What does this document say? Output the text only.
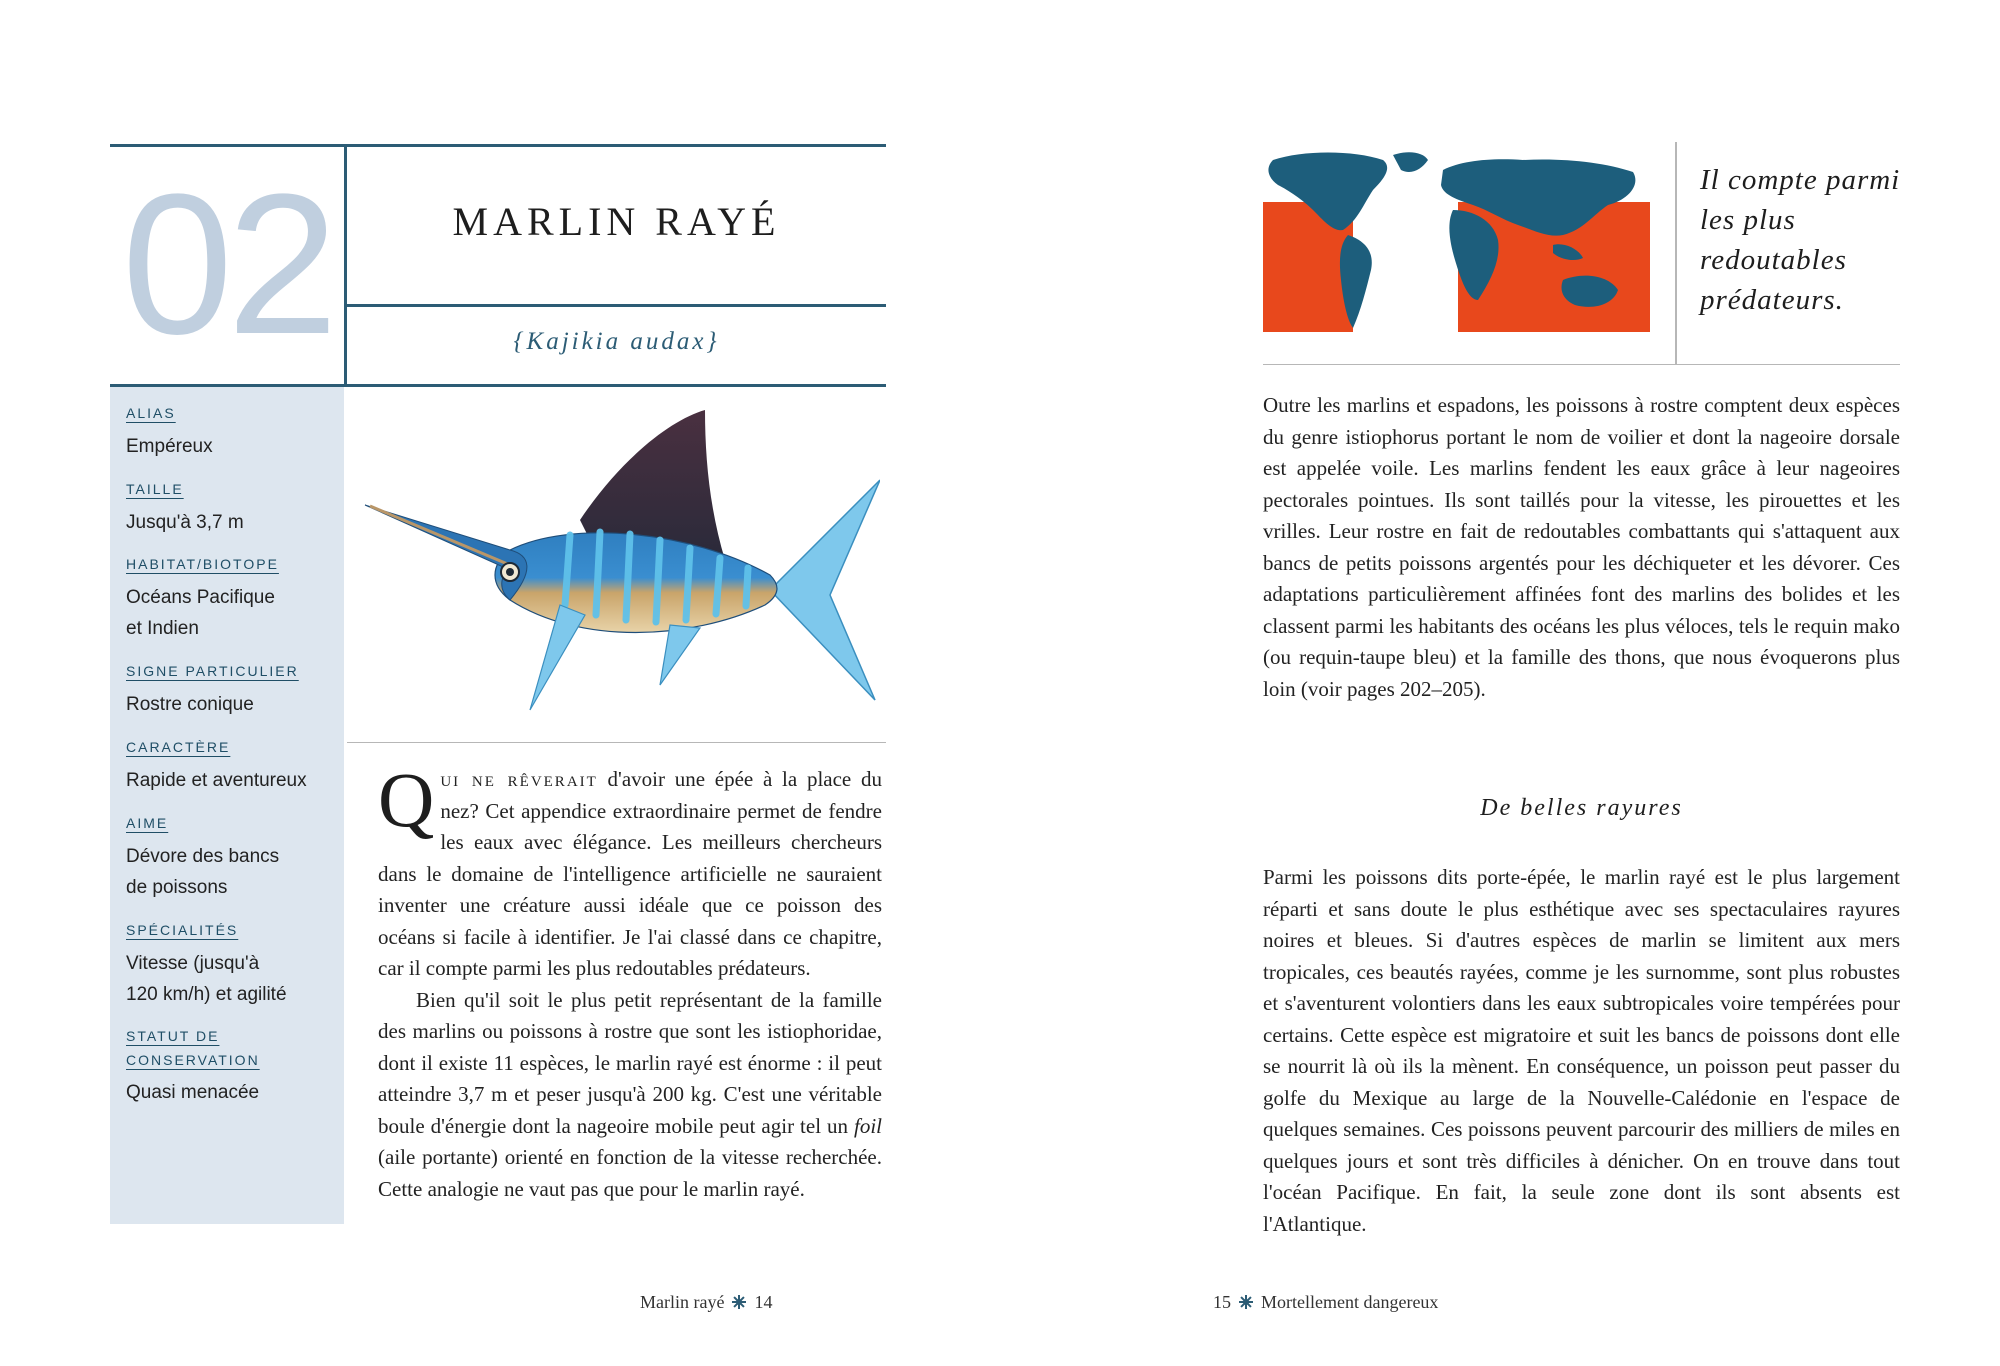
02	MARLIN RAYÉ
{Kajikia audax}
ALIAS
Empéreux
TAILLE
Jusqu'à 3,7 m
HABITAT/BIOTOPE
Océans Pacifique
et Indien
SIGNE PARTICULIER
Rostre conique
CARACTÈRE
Rapide et aventureux
AIME
Dévore des bancs
de poissons
SPÉCIALITÉS
Vitesse (jusqu'à
120 km/h) et agilité
STATUT DE
CONSERVATION
Quasi menacée

Qui ne rêverait d'avoir une épée à la place du nez? Cet appendice extraordinaire permet de fendre les eaux avec élégance. Les meilleurs chercheurs dans le domaine de l'intelligence artificielle ne sauraient inventer une créature aussi idéale que ce poisson des océans si facile à identifier. Je l'ai classé dans ce chapitre, car il compte parmi les plus redoutables prédateurs.

Bien qu'il soit le plus petit représentant de la famille des marlins ou poissons à rostre que sont les istiophoridae, dont il existe 11 espèces, le marlin rayé est énorme : il peut atteindre 3,7 m et peser jusqu'à 200 kg. C'est une véritable boule d'énergie dont la nageoire mobile peut agir tel un foil (aile portante) orienté en fonction de la vitesse recherchée. Cette analogie ne vaut pas que pour le marlin rayé.

Marlin rayé 14
Il compte parmi les plus redoutables prédateurs.

Outre les marlins et espadons, les poissons à rostre comptent deux espèces du genre istiophorus portant le nom de voilier et dont la nageoire dorsale est appelée voile. Les marlins fendent les eaux grâce à leur nageoires pectorales pointues. Ils sont taillés pour la vitesse, les pirouettes et les vrilles. Leur rostre en fait de redoutables combattants qui s'attaquent aux bancs de petits poissons argentés pour les déchiqueter et les dévorer. Ces adaptations particulièrement affinées font des marlins des bolides et les classent parmi les habitants des océans les plus véloces, tels le requin mako (ou requin-taupe bleu) et la famille des thons, que nous évoquerons plus loin (voir pages 202–205).

De belles rayures

Parmi les poissons dits porte-épée, le marlin rayé est le plus largement réparti et sans doute le plus esthétique avec ses spectaculaires rayures noires et bleues. Si d'autres espèces de marlin se limitent aux mers tropicales, ces beautés rayées, comme je les surnomme, sont plus robustes et s'aventurent volontiers dans les eaux subtropicales voire tempérées pour certains. Cette espèce est migratoire et suit les bancs de poissons dont elle se nourrit là où ils la mènent. En conséquence, un poisson peut passer du golfe du Mexique au large de la Nouvelle-Calédonie en l'espace de quelques semaines. Ces poissons peuvent parcourir des milliers de miles en quelques jours et sont très difficiles à dénicher. On en trouve dans tout l'océan Pacifique. En fait, la seule zone dont ils sont absents est l'Atlantique.

15 Mortellement dangereux
